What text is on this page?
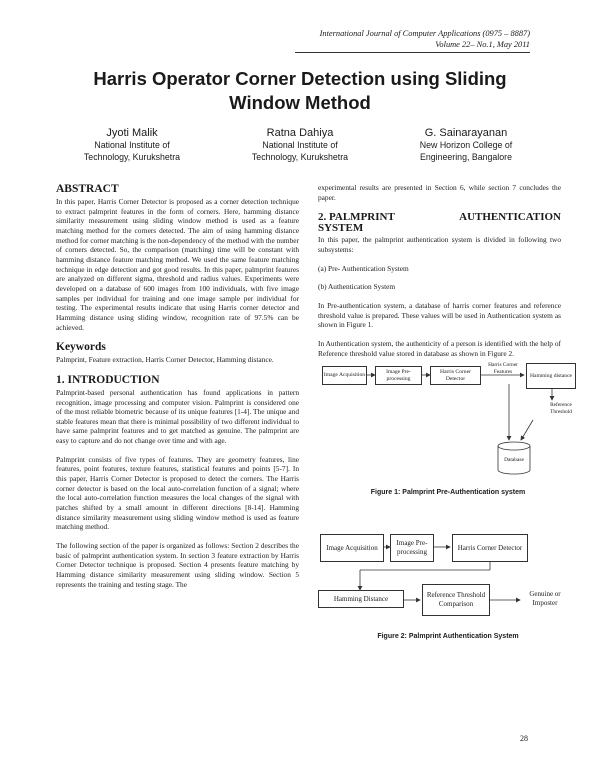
International Journal of Computer Applications (0975 – 8887)
Volume 22– No.1, May 2011
Harris Operator Corner Detection using Sliding
Window Method
Jyoti Malik
National Institute of
Technology, Kurukshetra
Ratna Dahiya
National Institute of
Technology, Kurukshetra
G. Sainarayanan
New Horizon College of
Engineering, Bangalore
ABSTRACT

In this paper, Harris Corner Detector is proposed as a corner detection technique to extract palmprint features in the form of corners. Here, hamming distance similarity measurement using sliding window method is used as a feature matching method for the corners detected. The aim of using hamming distance method for corner matching is the non-dependency of the method with the number of corners detected. So, the comparison (matching) time will be constant with hamming distance feature matching method. We used the same feature matching technique in edge detection and got good results. In this paper, palmprint features are analyzed on different sigma, threshold and radius values. Experiments were developed on a database of 600 images from 100 individuals, with five image samples per individual for training and one image sample per individual for testing. The experimental results indicate that using Harris corner detector and Hamming distance using sliding window, recognition rate of 97.5% can be achieved.

Keywords

Palmprint, Feature extraction, Harris Corner Detector, Hamming distance.

1. INTRODUCTION

Palmprint-based personal authentication has found applications in pattern recognition, image processing and computer vision. Palmprint is considered one of the most reliable biometric because of its unique features [1-4]. The unique and stable features mean that there is minimal possibility of two different individual to have same palmprint features and to get matched as genuine. The palmprint are easy to capture and do not change over time and with age.

Palmprint consists of five types of features. They are geometry features, line features, point features, texture features, statistical features and points [5-7]. In this paper, Harris Corner Detector is proposed to detect the corners. The Harris corner detector is based on the local auto-correlation function of a signal; where the local auto-correlation function measures the local changes of the signal with patches shifted by a small amount in different directions [8-14]. Hamming distance similarity measurement using sliding window method is used as feature matching method.

The following section of the paper is organized as follows: Section 2 describes the basic of palmprint authentication system. In section 3 feature extraction by Harris Corner Detector technique is proposed. Section 4 presents feature matching by Hamming distance similarity measurement using sliding window. Section 5 represents the training and testing stage. The

experimental results are presented in Section 6, while section 7 concludes the paper.

2. PALMPRINT	AUTHENTICATION
SYSTEM

In this paper, the palmprint authentication system is divided in following two subsystems:

(a) Pre- Authentication System

(b) Authentication System

In Pre-authentication system, a database of harris corner features and reference threshold value is prepared. These values will be used in Authentication system as shown in Figure 1.

In Authentication system, the authenticity of a person is identified with the help of Reference threshold value stored in database as shown in Figure 2.

Image Acquisition
Image Pre-processing
Harris Corner Detector	Hamming distance
Harris Corner Features
Reference Threshold
Database
Figure 1: Palmprint Pre-Authentication system
Image Acquisition
Image Pre-processing
Harris Corner Detector
Hamming Distance	Reference Threshold Comparison
Genuine or Imposter
Figure 2: Palmprint Authentication System
28
